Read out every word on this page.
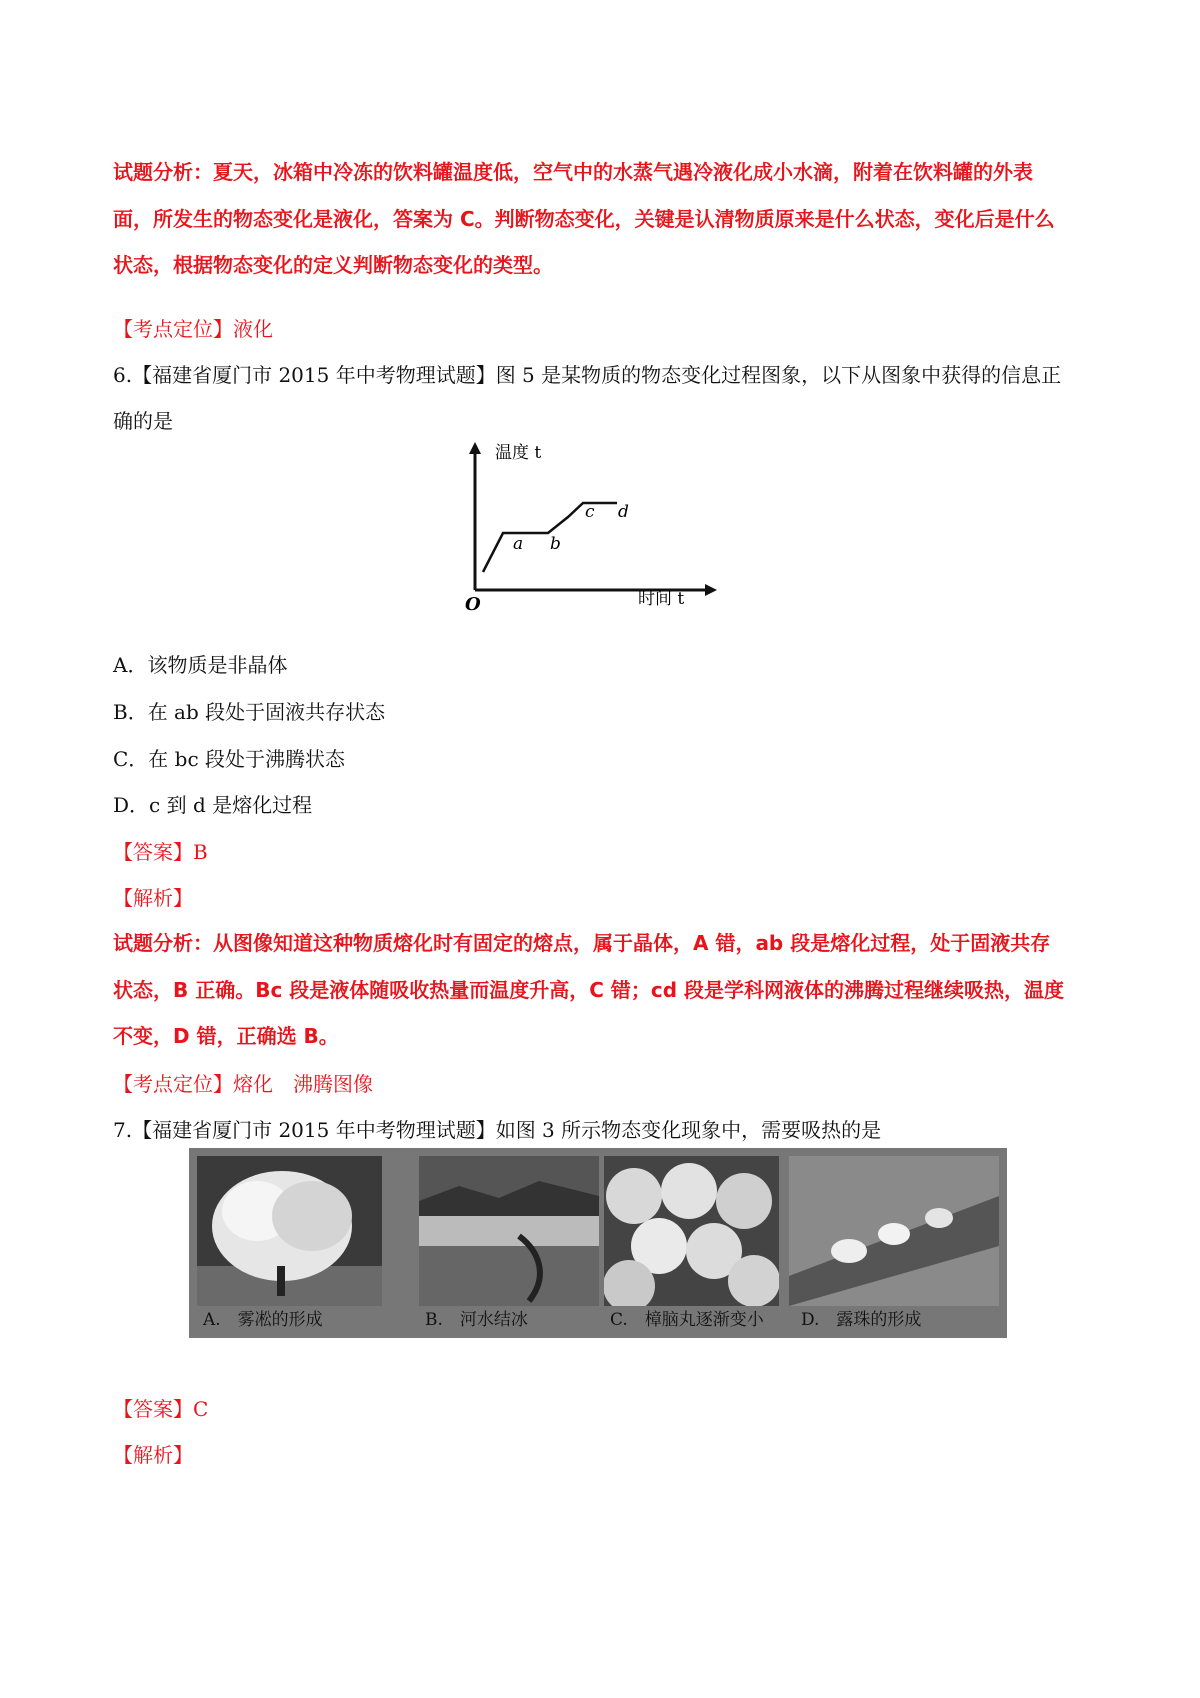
试题分析：夏天，冰箱中冷冻的饮料罐温度低，空气中的水蒸气遇冷液化成小水滴，附着在饮料罐的外表
面，所发生的物态变化是液化，答案为 C。判断物态变化，关键是认清物质原来是什么状态，变化后是什么
状态，根据物态变化的定义判断物态变化的类型。
【考点定位】液化
6.【福建省厦门市 2015 年中考物理试题】图 5 是某物质的物态变化过程图象，以下从图象中获得的信息正
确的是
温度 t
时间 t
O
a b
c d
A．该物质是非晶体
B．在 ab 段处于固液共存状态
C．在 bc 段处于沸腾状态
D．c 到 d 是熔化过程
【答案】B
【解析】
试题分析：从图像知道这种物质熔化时有固定的熔点，属于晶体，A 错，ab 段是熔化过程，处于固液共存
状态，B 正确。Bc 段是液体随吸收热量而温度升高，C 错；cd 段是学科网液体的沸腾过程继续吸热，温度
不变，D 错，正确选 B。
【考点定位】熔化　沸腾图像
7.【福建省厦门市 2015 年中考物理试题】如图 3 所示物态变化现象中，需要吸热的是
A.　雾凇的形成	B.　河水结冰	C.　樟脑丸逐渐变小 D.　露珠的形成
【答案】C
【解析】
